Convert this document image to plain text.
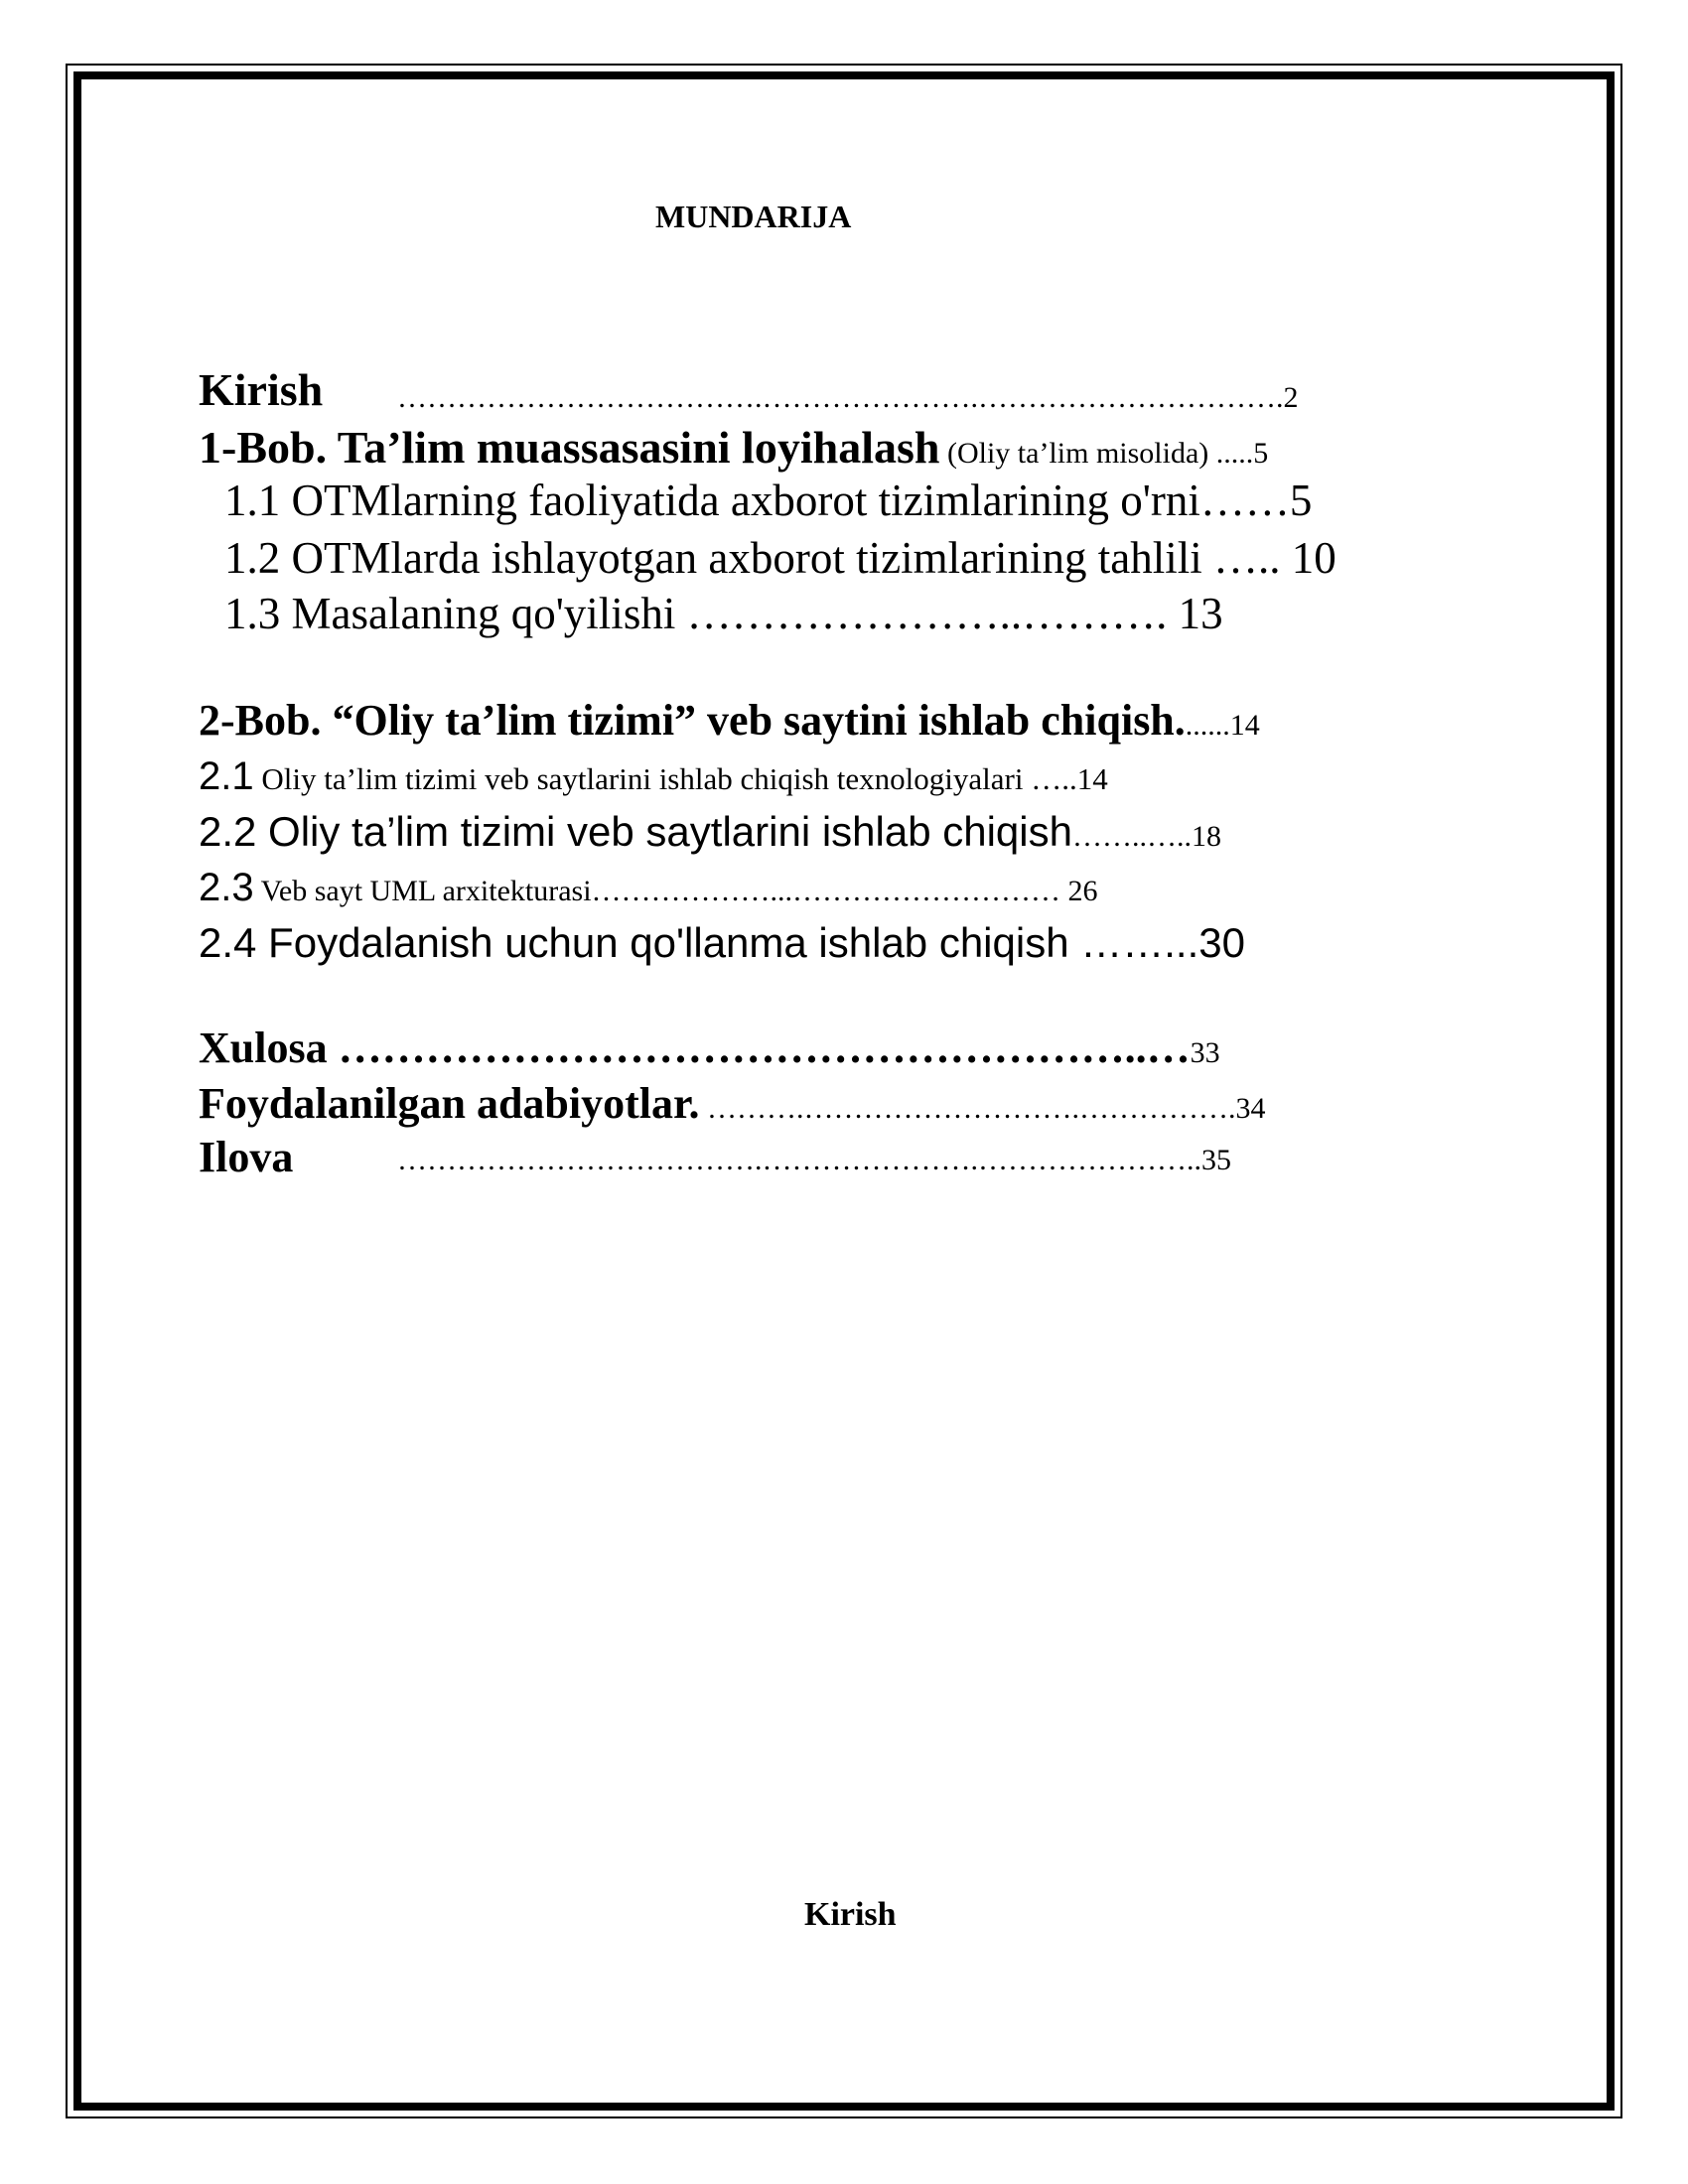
MUNDARIJA
Kirish ……………………………….………………….………………………….2
1-Bob. Ta’lim muassasasini loyihalash (Oliy ta’lim misolida) .....5
1.1 OTMlarning faoliyatida axborot tizimlarining o'rni……5
1.2 OTMlarda ishlayotgan axborot tizimlarining tahlili ….. 10
1.3 Masalaning qo'yilishi …………………..………. 13
2-Bob. “Oliy ta’lim tizimi” veb saytini ishlab chiqish.......14
2.1 Oliy ta’lim tizimi veb saytlarini ishlab chiqish texnologiyalari …..14
2.2 Oliy ta’lim tizimi veb saytlarini ishlab chiqish……..…..18
2.3 Veb sayt UML arxitekturasi………………...……………………… 26
2.4 Foydalanish uchun qo'llanma ishlab chiqish ……...30
Xulosa ………………………………………………..…33
Foydalanilgan adabiyotlar. ……….……………………….…………….34
Ilova	……………………………….………………….…………………..35
Kirish
